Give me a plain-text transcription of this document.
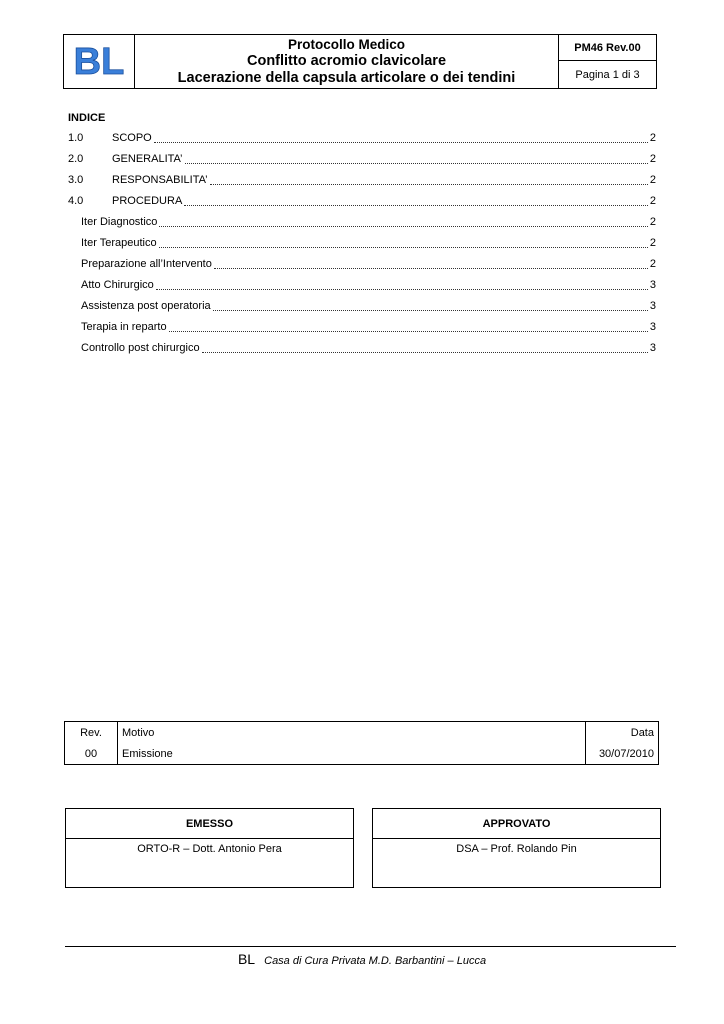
BL	Protocollo Medico
Conflitto acromio clavicolare
Lacerazione della capsula articolare o dei tendini
PM46 Rev.00
Pagina 1 di 3
INDICE
1.0	SCOPO	2
2.0	GENERALITA’	2
3.0	RESPONSABILITA’	2
4.0	PROCEDURA	2
Iter Diagnostico	2
Iter Terapeutico	2
Preparazione all’Intervento	2
Atto Chirurgico	3
Assistenza post operatoria	3
Terapia in reparto	3
Controllo post chirurgico	3
Rev.	Motivo	Data
00	Emissione	30/07/2010
EMESSO
ORTO-R – Dott. Antonio Pera
APPROVATO
DSA – Prof. Rolando Pin
BL Casa di Cura Privata M.D. Barbantini – Lucca
